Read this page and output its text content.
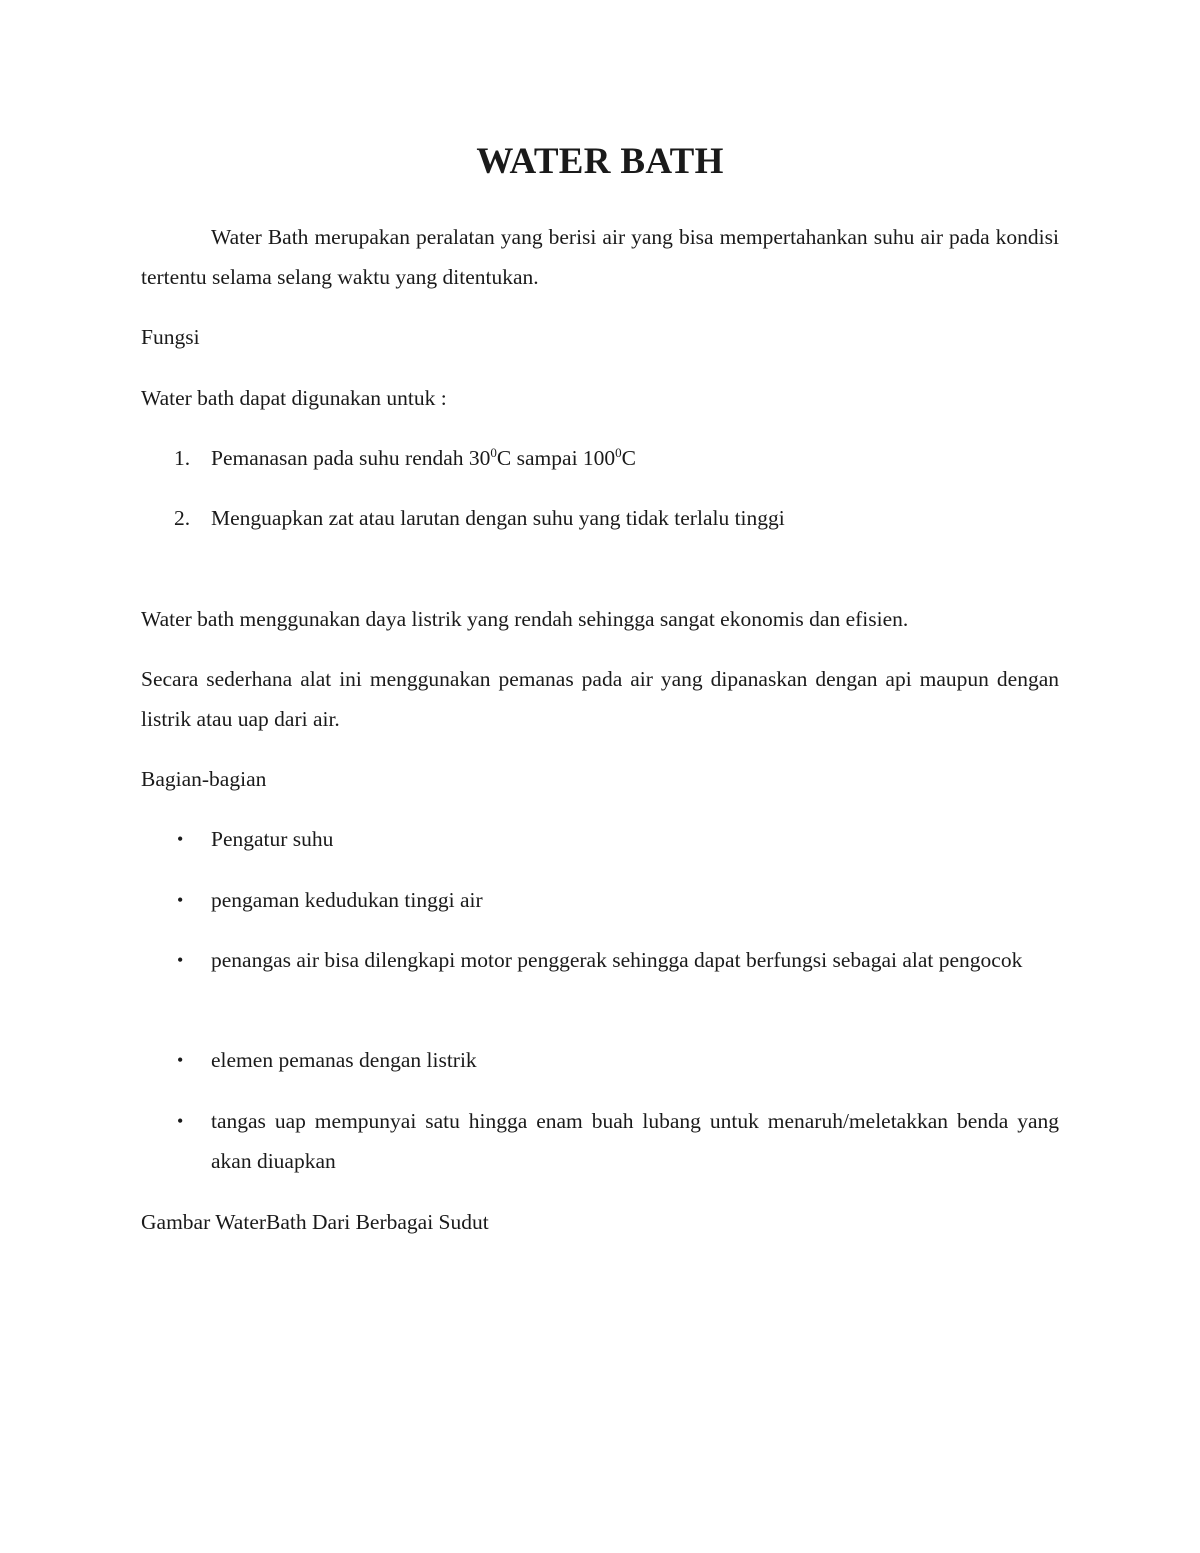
WATER BATH

Water Bath merupakan peralatan yang berisi air yang bisa mempertahankan suhu air pada kondisi tertentu selama selang waktu yang ditentukan.

Fungsi

Water bath dapat digunakan untuk :

1. Pemanasan pada suhu rendah $30^0C$ sampai $100^0C$
2. Menguapkan zat atau larutan dengan suhu yang tidak terlalu tinggi

Water bath menggunakan daya listrik yang rendah sehingga sangat ekonomis dan efisien.

Secara sederhana alat ini menggunakan pemanas pada air yang dipanaskan dengan api maupun dengan listrik atau uap dari air.

Bagian-bagian

• Pengatur suhu
• pengaman kedudukan tinggi air
• penangas air bisa dilengkapi motor penggerak sehingga dapat berfungsi sebagai alat pengocok
• elemen pemanas dengan listrik
• tangas uap mempunyai satu hingga enam buah lubang untuk menaruh/meletakkan benda yang akan diuapkan

Gambar WaterBath Dari Berbagai Sudut
